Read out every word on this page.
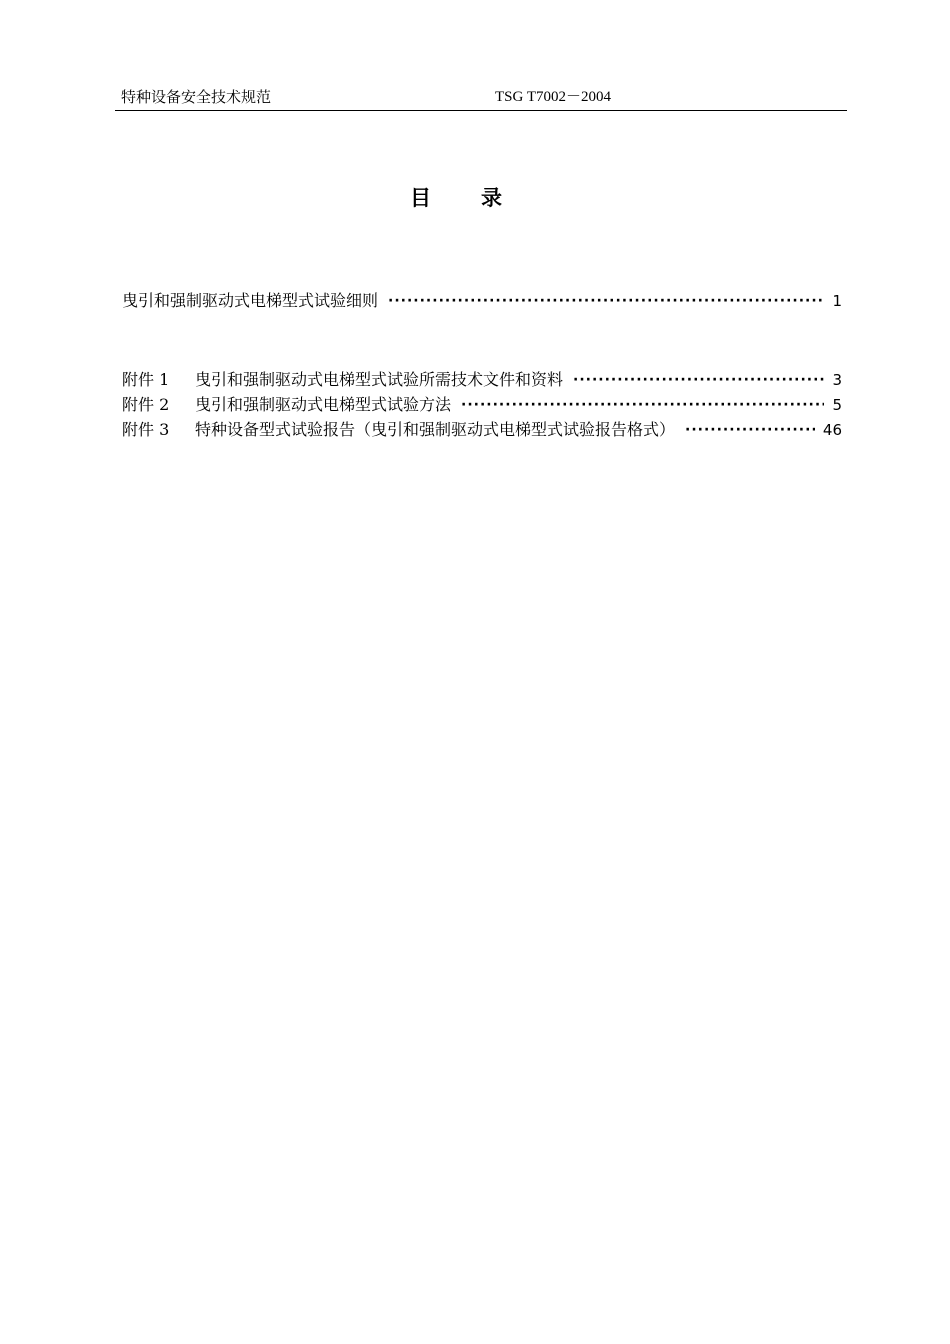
特种设备安全技术规范	TSG T7002－2004
目录
曳引和强制驱动式电梯型式试验细则 ·····	1
附件 1	曳引和强制驱动式电梯型式试验所需技术文件和资料 ·····	3
附件 2	曳引和强制驱动式电梯型式试验方法 ·····	5
附件 3	特种设备型式试验报告（曳引和强制驱动式电梯型式试验报告格式） ·····	46
